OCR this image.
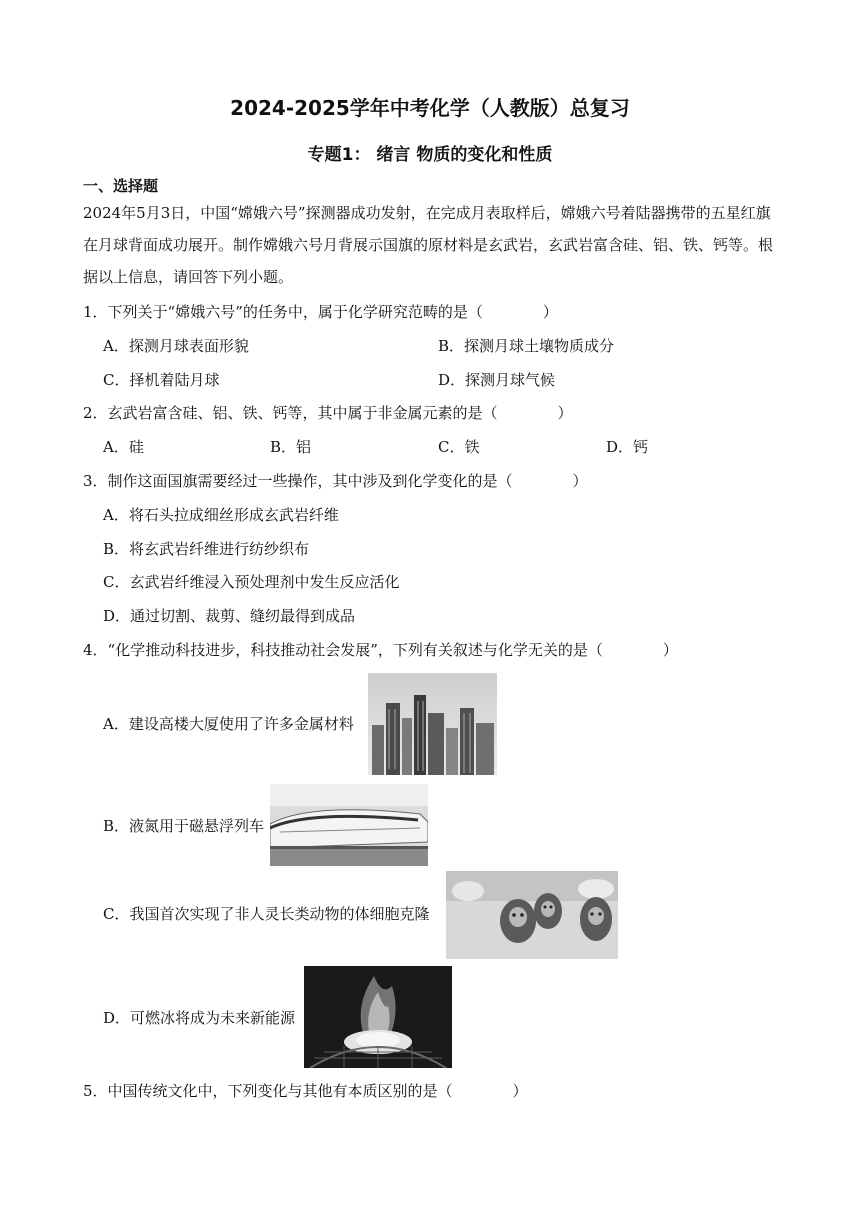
2024-2025学年中考化学（人教版）总复习
专题1： 绪言 物质的变化和性质
一、选择题
2024年5月3日，中国“嫦娥六号”探测器成功发射，在完成月表取样后，嫦娥六号着陆器携带的五星红旗在月球背面成功展开。制作嫦娥六号月背展示国旗的原材料是玄武岩，玄武岩富含硅、铝、铁、钙等。根据以上信息，请回答下列小题。
1．下列关于“嫦娥六号”的任务中，属于化学研究范畴的是（　　　　）
A．探测月球表面形貌	B．探测月球土壤物质成分
C．择机着陆月球	D．探测月球气候
2．玄武岩富含硅、铝、铁、钙等，其中属于非金属元素的是（　　　　）
A．硅	B．铝	C．铁	D．钙
3．制作这面国旗需要经过一些操作，其中涉及到化学变化的是（　　　　）
A．将石头拉成细丝形成玄武岩纤维
B．将玄武岩纤维进行纺纱织布
C．玄武岩纤维浸入预处理剂中发生反应活化
D．通过切割、裁剪、缝纫最得到成品
4．“化学推动科技进步，科技推动社会发展”，下列有关叙述与化学无关的是（　　　　）
A．建设高楼大厦使用了许多金属材料
B．液氮用于磁悬浮列车
C．我国首次实现了非人灵长类动物的体细胞克隆
D．可燃冰将成为未来新能源
5．中国传统文化中，下列变化与其他有本质区别的是（　　　　）
